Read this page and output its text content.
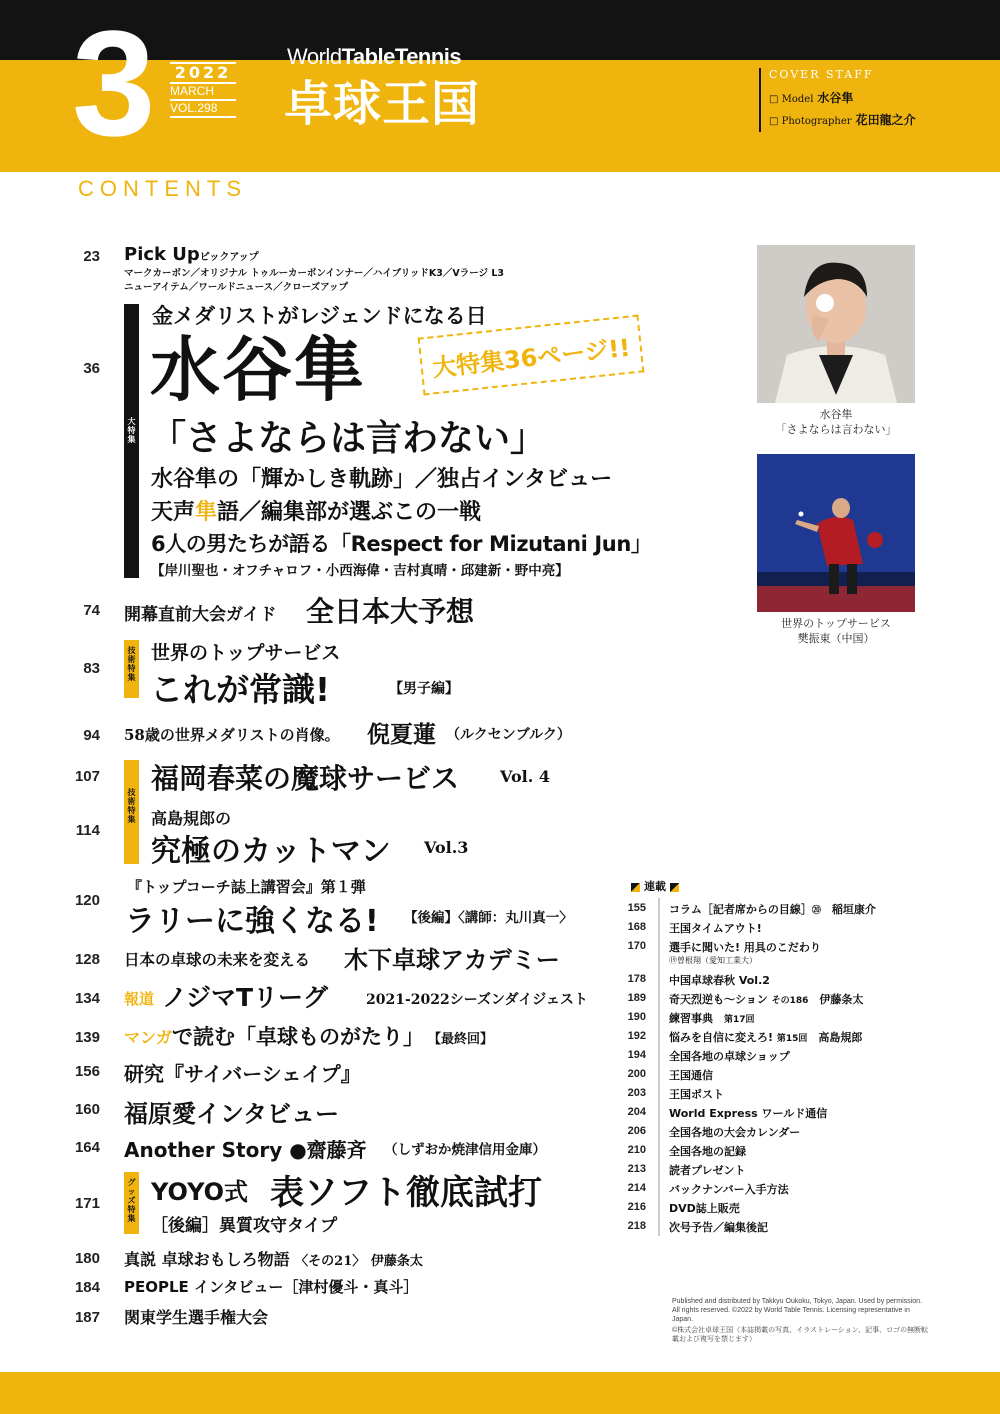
3 2022
MARCH
VOL.298
WorldTableTennis
卓球王国
COVER STAFF
□ Model 水谷隼
□ Photographer 花田龍之介
CONTENTS
23 Pick Upピックアップ
マークカーボン／オリジナル トゥルーカーボンインナー／ハイブリッドK3／Vラージ L3
ニューアイテム／ワールドニュース／クローズアップ
36
大特集
金メダリストがレジェンドになる日
水谷隼	大特集36ページ!!
「さよならは言わない」
水谷隼の「輝かしき軌跡」／独占インタビュー
天声隼語／編集部が選ぶこの一戦
6人の男たちが語る「Respect for Mizutani Jun」
【岸川聖也・オフチャロフ・小西海偉・吉村真晴・邱建新・野中亮】
74 開幕直前大会ガイド 全日本大予想
83
技術特集
世界のトップサービス
これが常識!	【男子編】
94 58歳の世界メダリストの肖像。 倪夏蓮 （ルクセンブルク）
107
技術特集
福岡春菜の魔球サービス	Vol. 4
114
高島規郎の
究極のカットマン Vol.3
120
『トップコーチ誌上講習会』第１弾
ラリーに強くなる! 【後編】〈講師：丸川真一〉
128 日本の卓球の未来を変える 木下卓球アカデミー
134 報道 ノジマTリーグ	2021-2022シーズンダイジェスト
139 マンガ で読む「卓球ものがたり」 【最終回】
156 研究『サイバーシェイプ』
160 福原愛インタビュー
164 Another Story ●齋藤斉 （しずおか焼津信用金庫）
171
グッズ特集
YOYO式 表ソフト徹底試打
［後編］異質攻守タイプ
180 真説 卓球おもしろ物語 〈その21〉 伊藤条太
184 PEOPLE インタビュー［津村優斗・真斗］
187 関東学生選手権大会
水谷隼
「さよならは言わない」
世界のトップサービス
樊振東（中国）
連載
155 コラム［記者席からの目線］⑳　 稲垣康介
168 王国タイムアウト!
170 選手に聞いた! 用具のこだわり
⑲曽根翔（愛知工業大）
178 中国卓球春秋 Vol.2
189 奇天烈逆も～ション その186　 伊藤条太
190 練習事典　 第17回
192 悩みを自信に変えろ! 第15回　 高島規郎
194 全国各地の卓球ショップ
200 王国通信
203 王国ポスト
204 World Express ワールド通信
206 全国各地の大会カレンダー
210 全国各地の記録
213 読者プレゼント
214 バックナンバー入手方法
216 DVD誌上販売
218 次号予告／編集後記

Published and distributed by Takkyu Oukoku, Tokyo, Japan. Used by permission. All rights reserved. ©2022 by World Table Tennis. Licensing representative in Japan.

©株式会社卓球王国（本誌掲載の写真、イラストレーション、記事、ロゴの無断転載および複写を禁じます）
